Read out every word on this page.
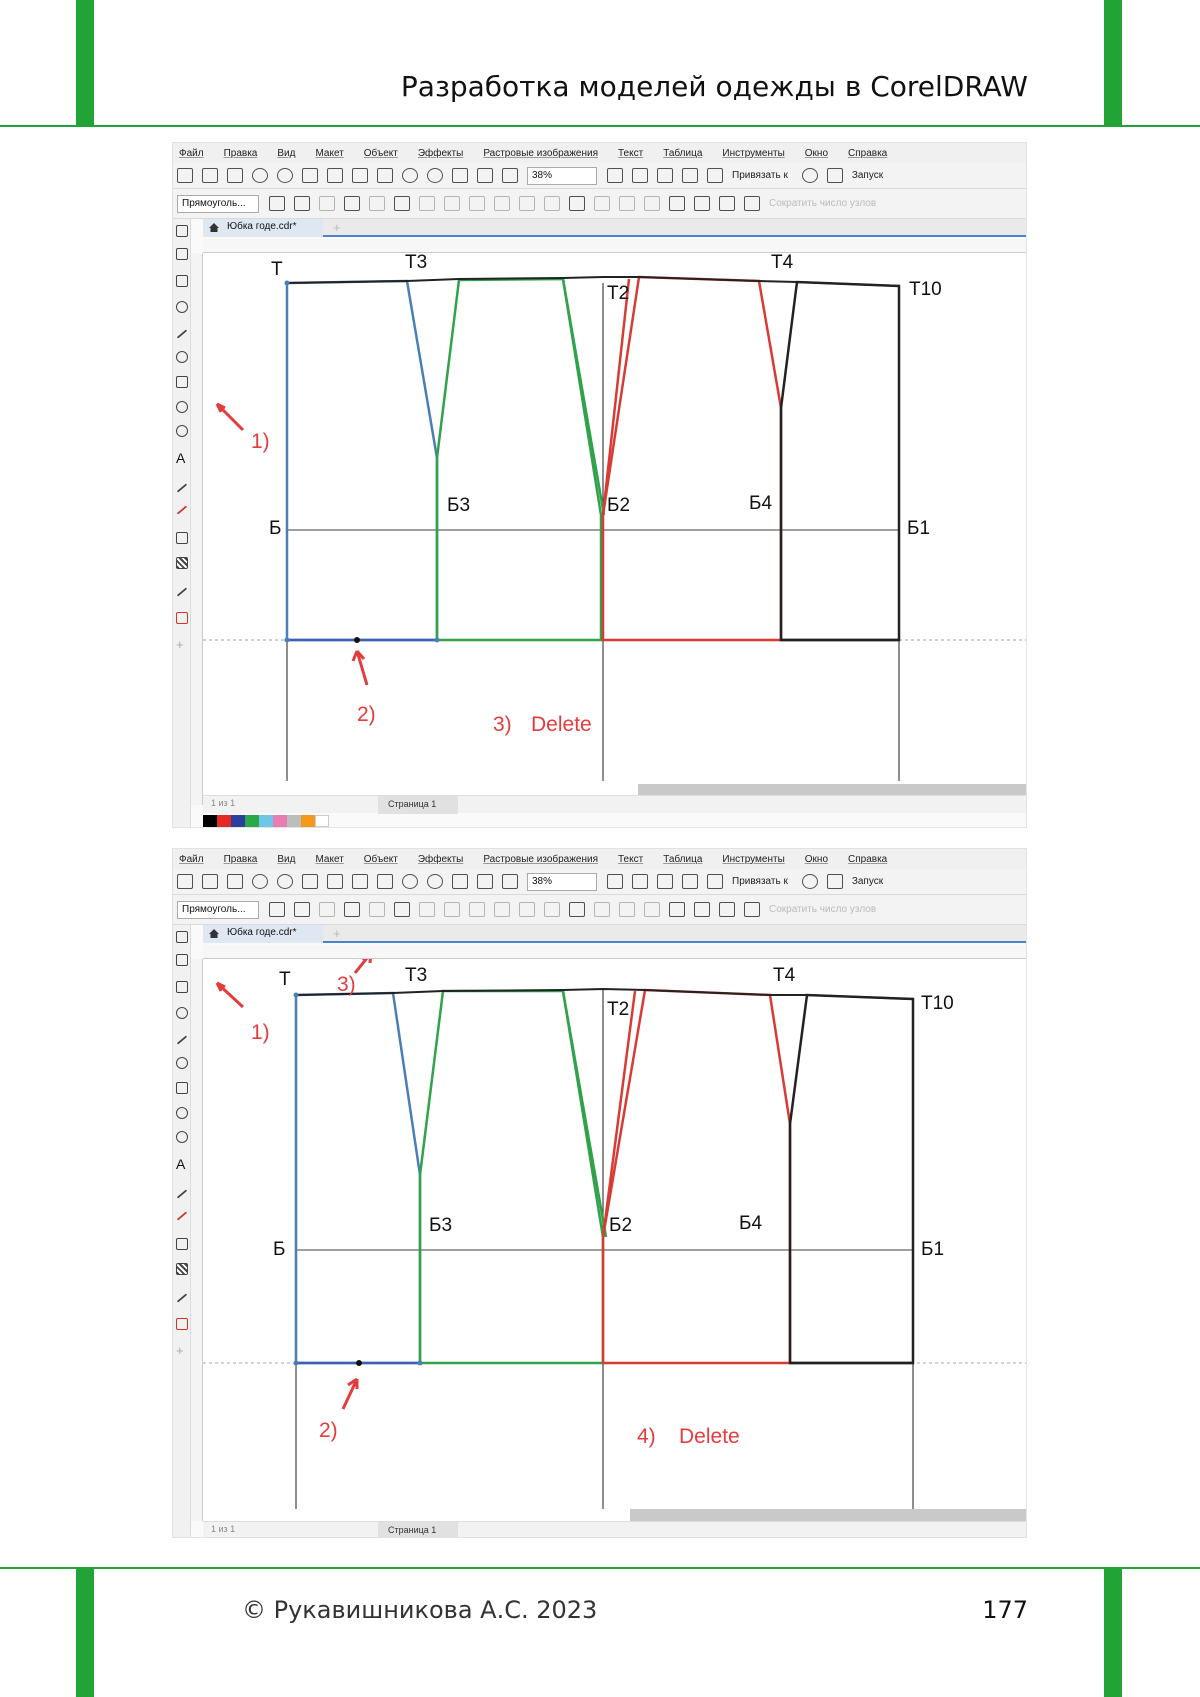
Разработка моделей одежды в CorelDRAW
© Рукавишникова А.С. 2023	177
Файл Правка Вид Макет Объект Эффекты Растровые изображения Текст Таблица Инструменты Окно Справка
38%	Привязать к	Запуск
Прямоуголь...	Сократить число узлов
A
+
Юбка годе.cdr*	+
Т	Т3
Т2
Т4
Т10
Б
Б3	Б2	Б4
Б1
1)
2)	3) Delete
1 из 1	Страница 1
Файл Правка Вид Макет Объект Эффекты Растровые изображения Текст Таблица Инструменты Окно Справка
38%	Привязать к	Запуск
Прямоуголь...	Сократить число узлов
A
+
Юбка годе.cdr*	+
Т	Т3
Т2
Т4
Т10
Б
Б3	Б2	Б4
Б1
1)
2)
3)
4) Delete
1 из 1	Страница 1
